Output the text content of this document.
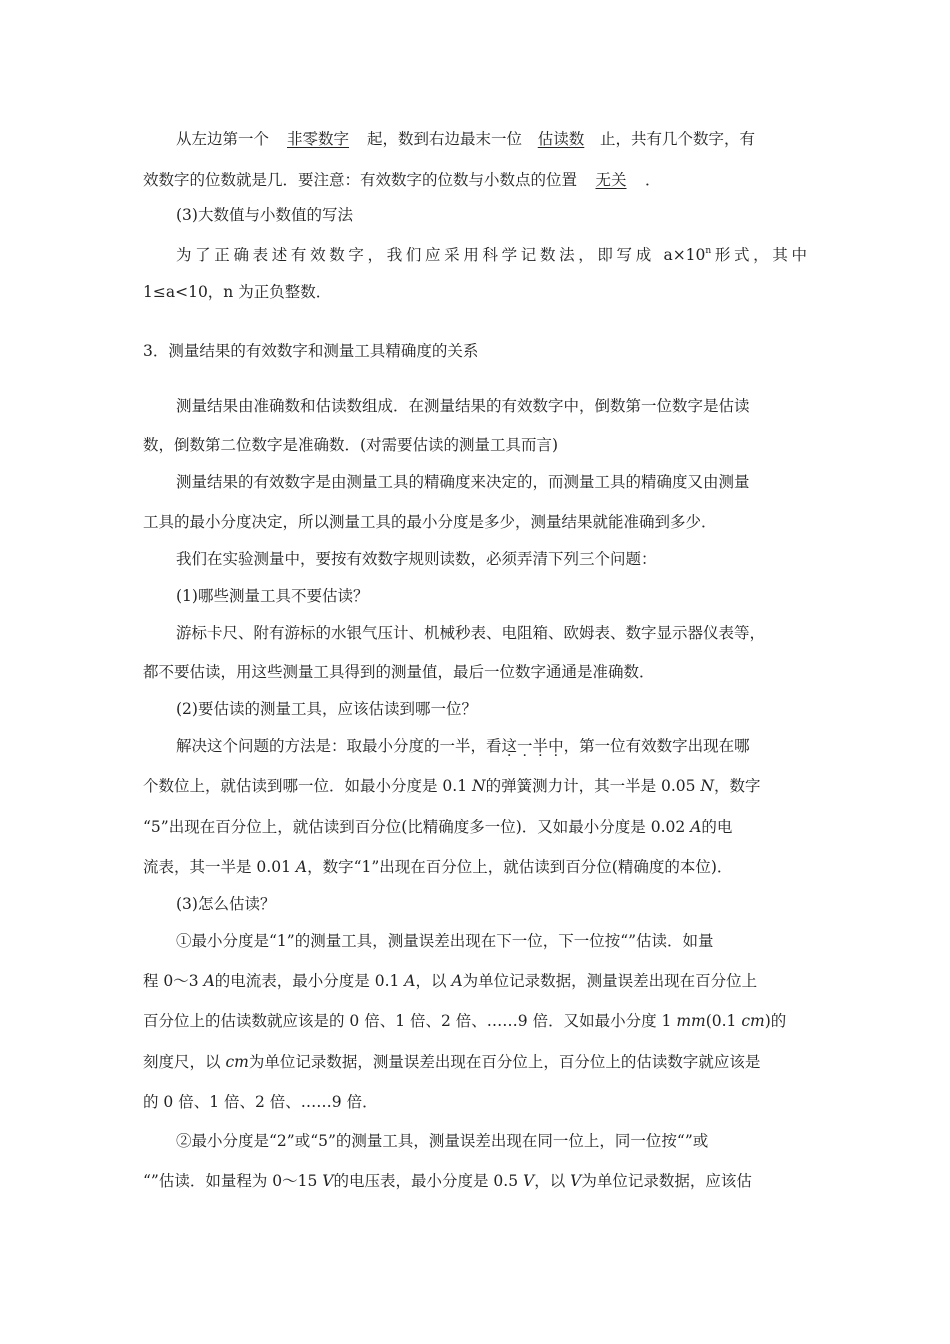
从左边第一个 非零数字 起，数到右边最末一位 估读数 止，共有几个数字，有
效数字的位数就是几．要注意：有效数字的位数与小数点的位置 无关 ．
(3)大数值与小数值的写法
为了正确表述有效数字，我们应采用科学记数法，即写成 $a\times 10^n$形式，其中
1≤a<10，n 为正负整数．
3．测量结果的有效数字和测量工具精确度的关系
测量结果由准确数和估读数组成．在测量结果的有效数字中，倒数第一位数字是估读
数，倒数第二位数字是准确数．(对需要估读的测量工具而言)
测量结果的有效数字是由测量工具的精确度来决定的，而测量工具的精确度又由测量
工具的最小分度决定，所以测量工具的最小分度是多少，测量结果就能准确到多少．
我们在实验测量中，要按有效数字规则读数，必须弄清下列三个问题：
(1)哪些测量工具不要估读？
游标卡尺、附有游标的水银气压计、机械秒表、电阻箱、欧姆表、数字显示器仪表等，
都不要估读，用这些测量工具得到的测量值，最后一位数字通通是准确数．
(2)要估读的测量工具，应该估读到哪一位？
解决这个问题的方法是：取最小分度的一半，看这一半中，第一位有效数字出现在哪
个数位上，就估读到哪一位．如最小分度是 0.1 N的弹簧测力计，其一半是 0.05 N，数字
“5”出现在百分位上，就估读到百分位(比精确度多一位)．又如最小分度是 0.02 A的电
流表，其一半是 0.01 A，数字“1”出现在百分位上，就估读到百分位(精确度的本位)．
(3)怎么估读？
①最小分度是“1”的测量工具，测量误差出现在下一位，下一位按“”估读．如量
程 0～3 A的电流表，最小分度是 0.1 A，以 A为单位记录数据，测量误差出现在百分位上
百分位上的估读数就应该是的 0 倍、1 倍、2 倍、……9 倍．又如最小分度 1 mm(0.1 cm)的
刻度尺，以 cm为单位记录数据，测量误差出现在百分位上，百分位上的估读数字就应该是
的 0 倍、1 倍、2 倍、……9 倍．
②最小分度是“2”或“5”的测量工具，测量误差出现在同一位上，同一位按“”或
“”估读．如量程为 0～15 V的电压表，最小分度是 0.5 V，以 V为单位记录数据，应该估
